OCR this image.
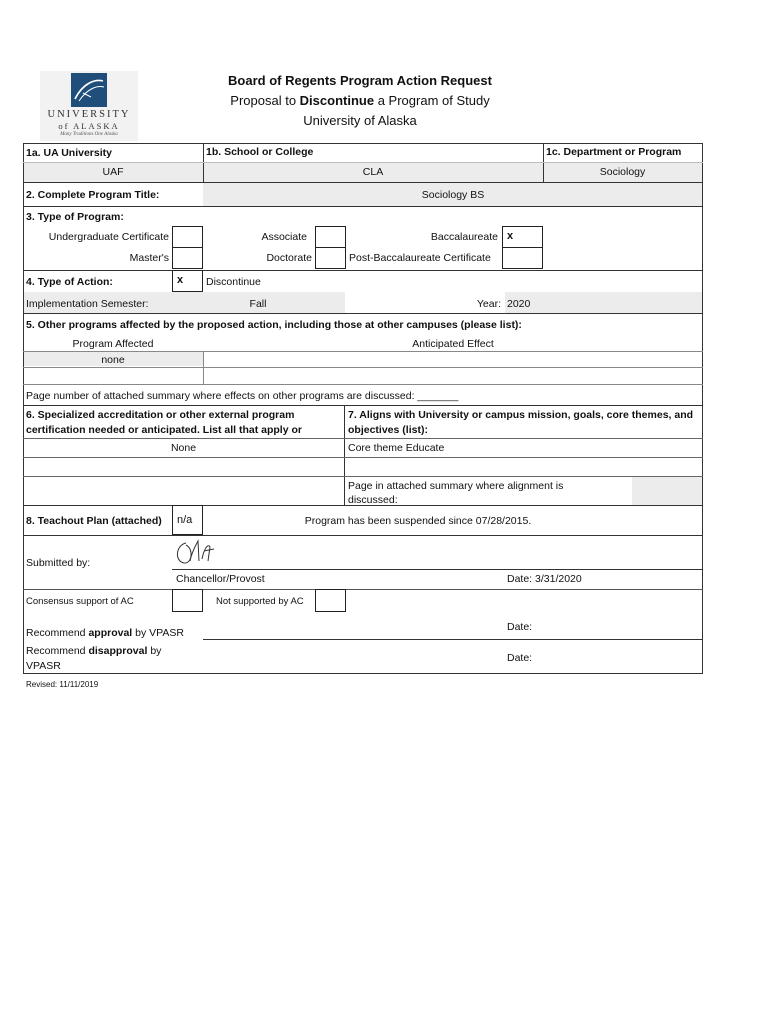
UNIVERSITY
of ALASKA
Many Traditions One Alaska
Board of Regents Program Action Request
Proposal to Discontinue a Program of Study
University of Alaska
1a. UA University
UAF
1b. School or College
CLA
1c. Department or Program
Sociology
2. Complete Program Title:	Sociology BS
3. Type of Program:
Undergraduate Certificate	Associate	Baccalaureate x
Master's	Doctorate	Post-Baccalaureate Certificate
4. Type of Action:	x	Discontinue
Implementation Semester:	Fall	Year: 2020
5. Other programs affected by the proposed action, including those at other campuses (please list):
Program Affected	Anticipated Effect
none
Page number of attached summary where effects on other programs are discussed: _______
6. Specialized accreditation or other external program
certification needed or anticipated. List all that apply or
7. Aligns with University or campus mission, goals, core themes, and
objectives (list):
None	Core theme Educate
Page in attached summary where alignment is
discussed:
8. Teachout Plan (attached)	n/a	Program has been suspended since 07/28/2015.
Submitted by:
Chancellor/Provost	Date: 3/31/2020
Consensus support of AC	Not supported by AC
Recommend approval by VPASR	Date:
Recommend disapproval by
VPASR
Date:
Revised: 11/11/2019
